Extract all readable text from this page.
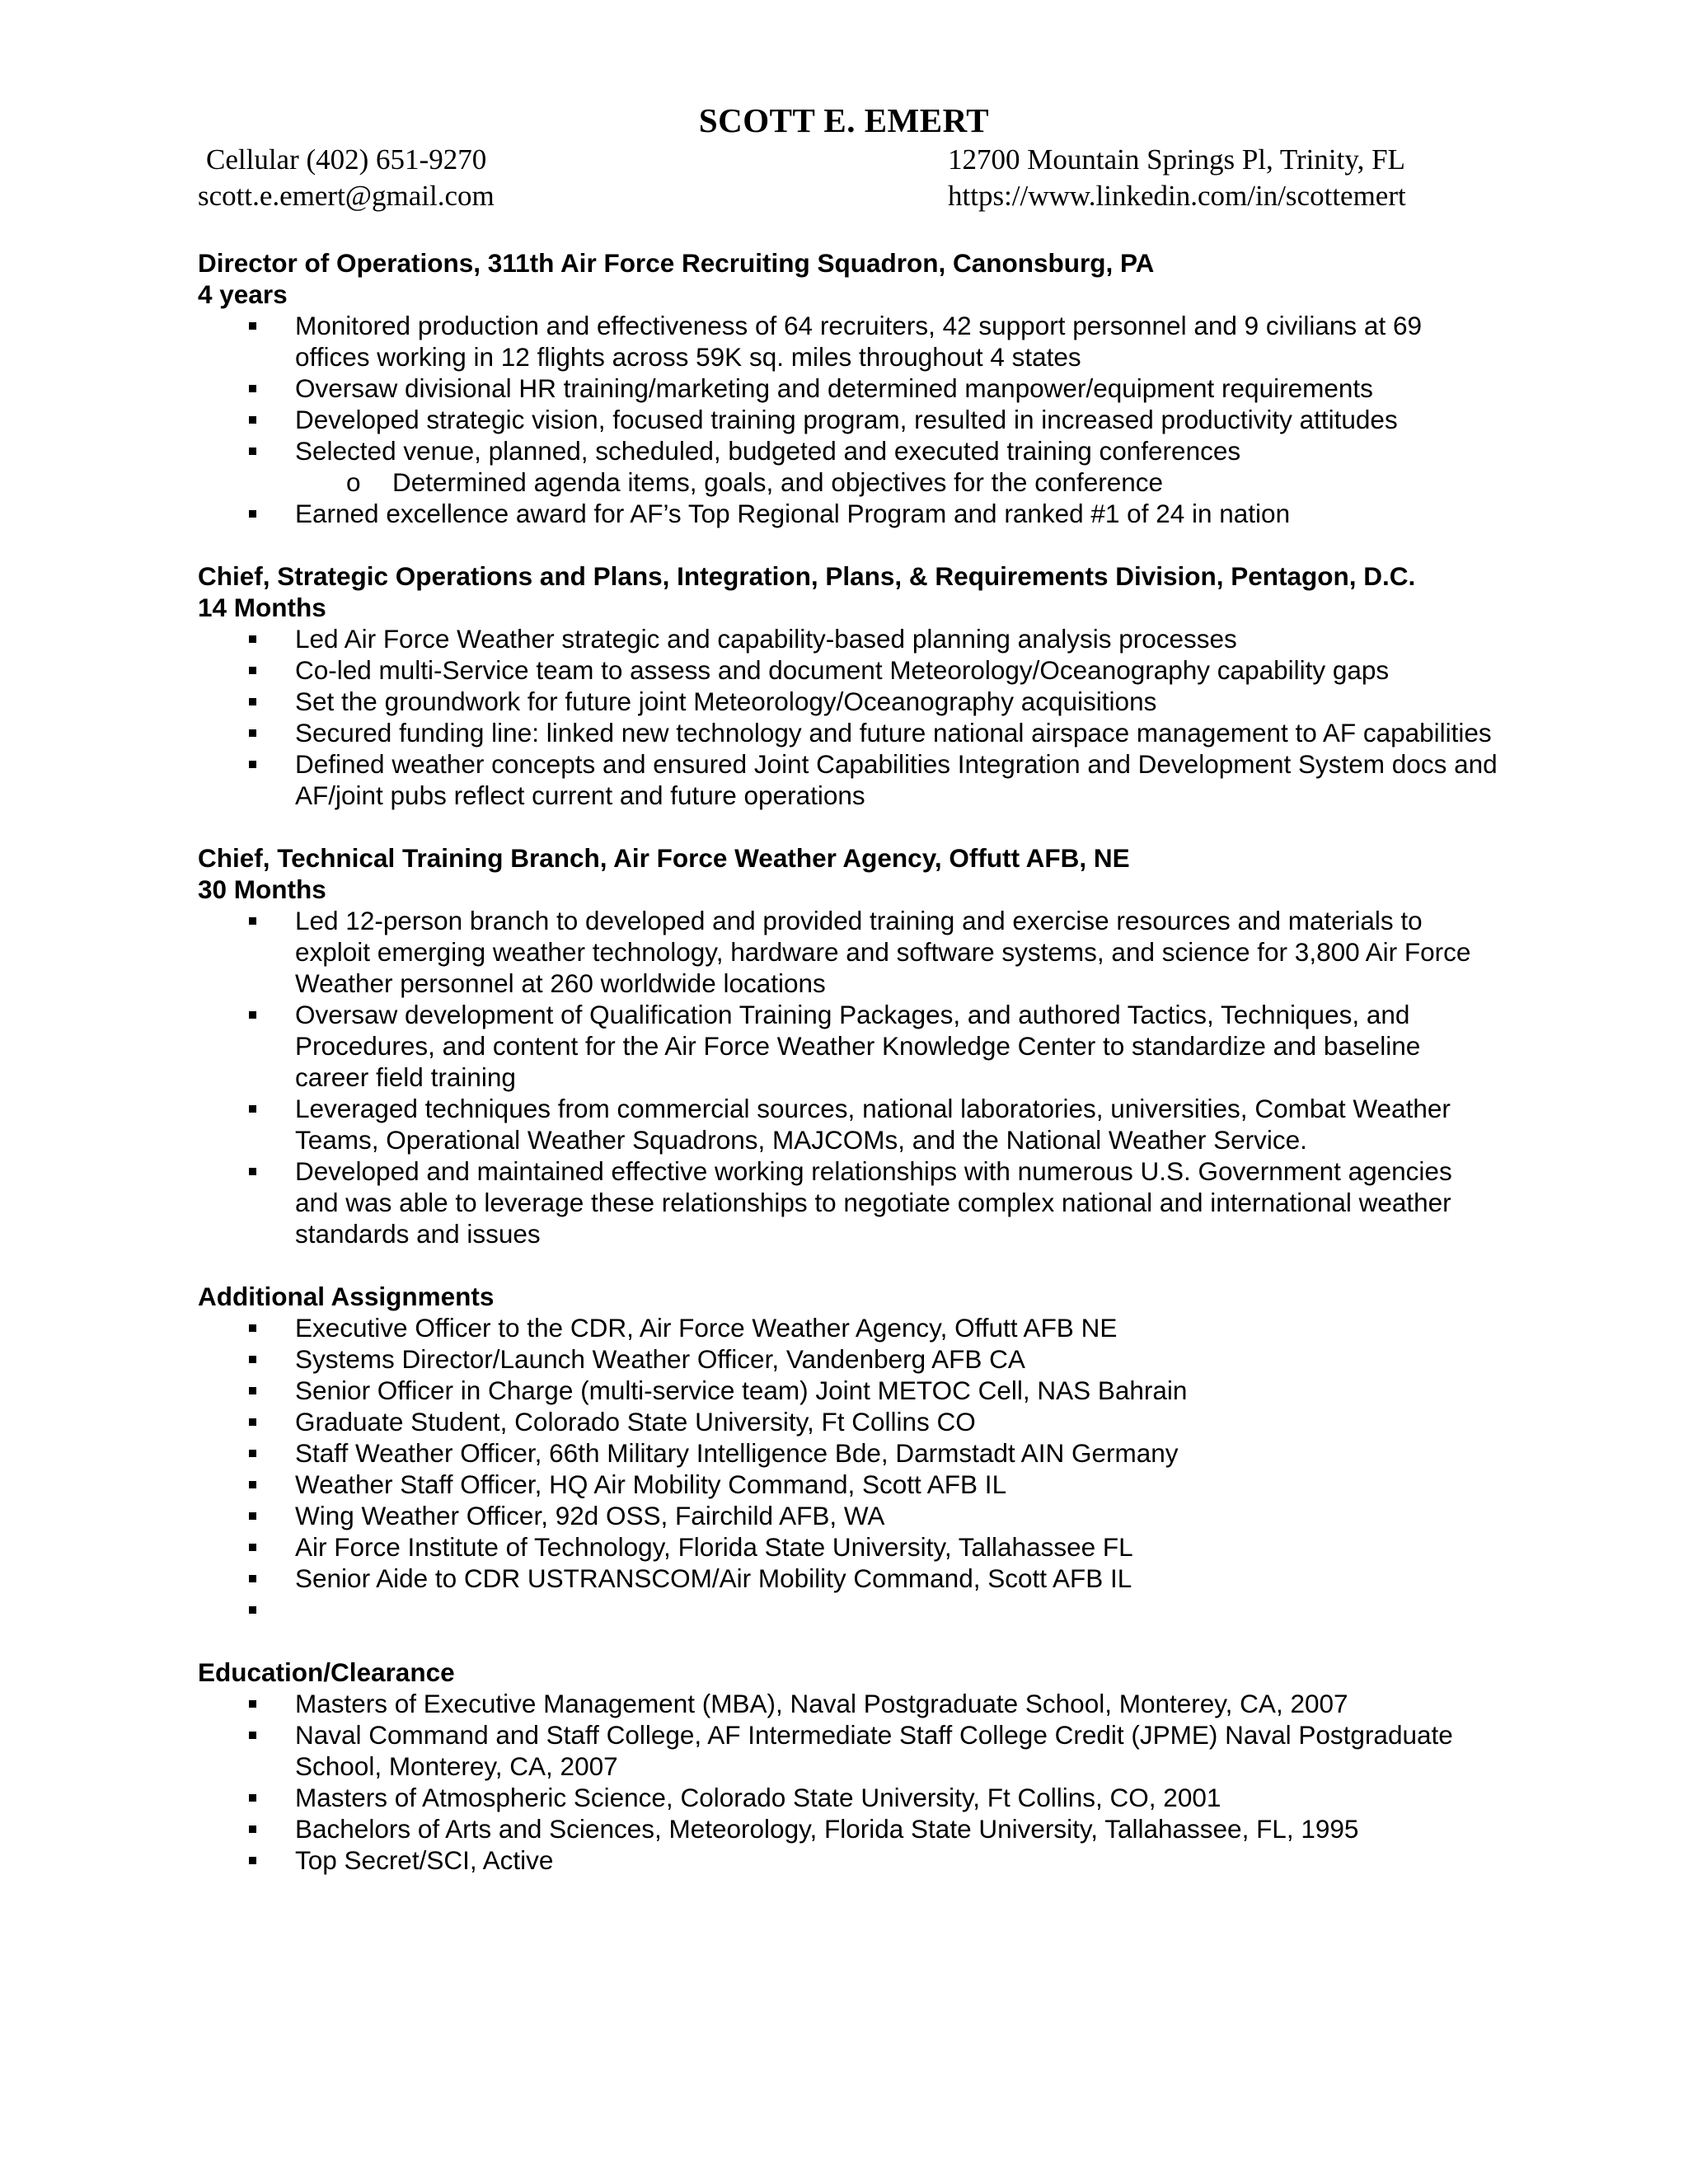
SCOTT E. EMERT
Cellular (402) 651-9270
scott.e.emert@gmail.com
12700 Mountain Springs Pl, Trinity, FL
https://www.linkedin.com/in/scottemert
Director of Operations, 311th Air Force Recruiting Squadron, Canonsburg, PA
4 years
Monitored production and effectiveness of 64 recruiters, 42 support personnel and 9 civilians at 69 offices working in 12 flights across 59K sq. miles throughout 4 states
Oversaw divisional HR training/marketing and determined manpower/equipment requirements
Developed strategic vision, focused training program, resulted in increased productivity attitudes
Selected venue, planned, scheduled, budgeted and executed training conferences
o	Determined agenda items, goals, and objectives for the conference
Earned excellence award for AF’s Top Regional Program and ranked #1 of 24 in nation
Chief, Strategic Operations and Plans, Integration, Plans, & Requirements Division, Pentagon, D.C.
14 Months
Led Air Force Weather strategic and capability-based planning analysis processes
Co-led multi-Service team to assess and document Meteorology/Oceanography capability gaps
Set the groundwork for future joint Meteorology/Oceanography acquisitions
Secured funding line: linked new technology and future national airspace management to AF capabilities
Defined weather concepts and ensured Joint Capabilities Integration and Development System docs and AF/joint pubs reflect current and future operations
Chief, Technical Training Branch, Air Force Weather Agency, Offutt AFB, NE
30 Months
Led 12-person branch to developed and provided training and exercise resources and materials to exploit emerging weather technology, hardware and software systems, and science for 3,800 Air Force Weather personnel at 260 worldwide locations
Oversaw development of Qualification Training Packages, and authored Tactics, Techniques, and Procedures, and content for the Air Force Weather Knowledge Center to standardize and baseline career field training
Leveraged techniques from commercial sources, national laboratories, universities, Combat Weather Teams, Operational Weather Squadrons, MAJCOMs, and the National Weather Service.
Developed and maintained effective working relationships with numerous U.S. Government agencies and was able to leverage these relationships to negotiate complex national and international weather standards and issues
Additional Assignments
Executive Officer to the CDR, Air Force Weather Agency, Offutt AFB NE
Systems Director/Launch Weather Officer, Vandenberg AFB CA
Senior Officer in Charge (multi-service team) Joint METOC Cell, NAS Bahrain
Graduate Student, Colorado State University, Ft Collins CO
Staff Weather Officer, 66th Military Intelligence Bde, Darmstadt AIN Germany
Weather Staff Officer, HQ Air Mobility Command, Scott AFB IL
Wing Weather Officer, 92d OSS, Fairchild AFB, WA
Air Force Institute of Technology, Florida State University, Tallahassee FL
Senior Aide to CDR USTRANSCOM/Air Mobility Command, Scott AFB IL
Education/Clearance
Masters of Executive Management (MBA), Naval Postgraduate School, Monterey, CA, 2007
Naval Command and Staff College, AF Intermediate Staff College Credit (JPME) Naval Postgraduate School, Monterey, CA, 2007
Masters of Atmospheric Science, Colorado State University, Ft Collins, CO, 2001
Bachelors of Arts and Sciences, Meteorology, Florida State University, Tallahassee, FL, 1995
Top Secret/SCI, Active
